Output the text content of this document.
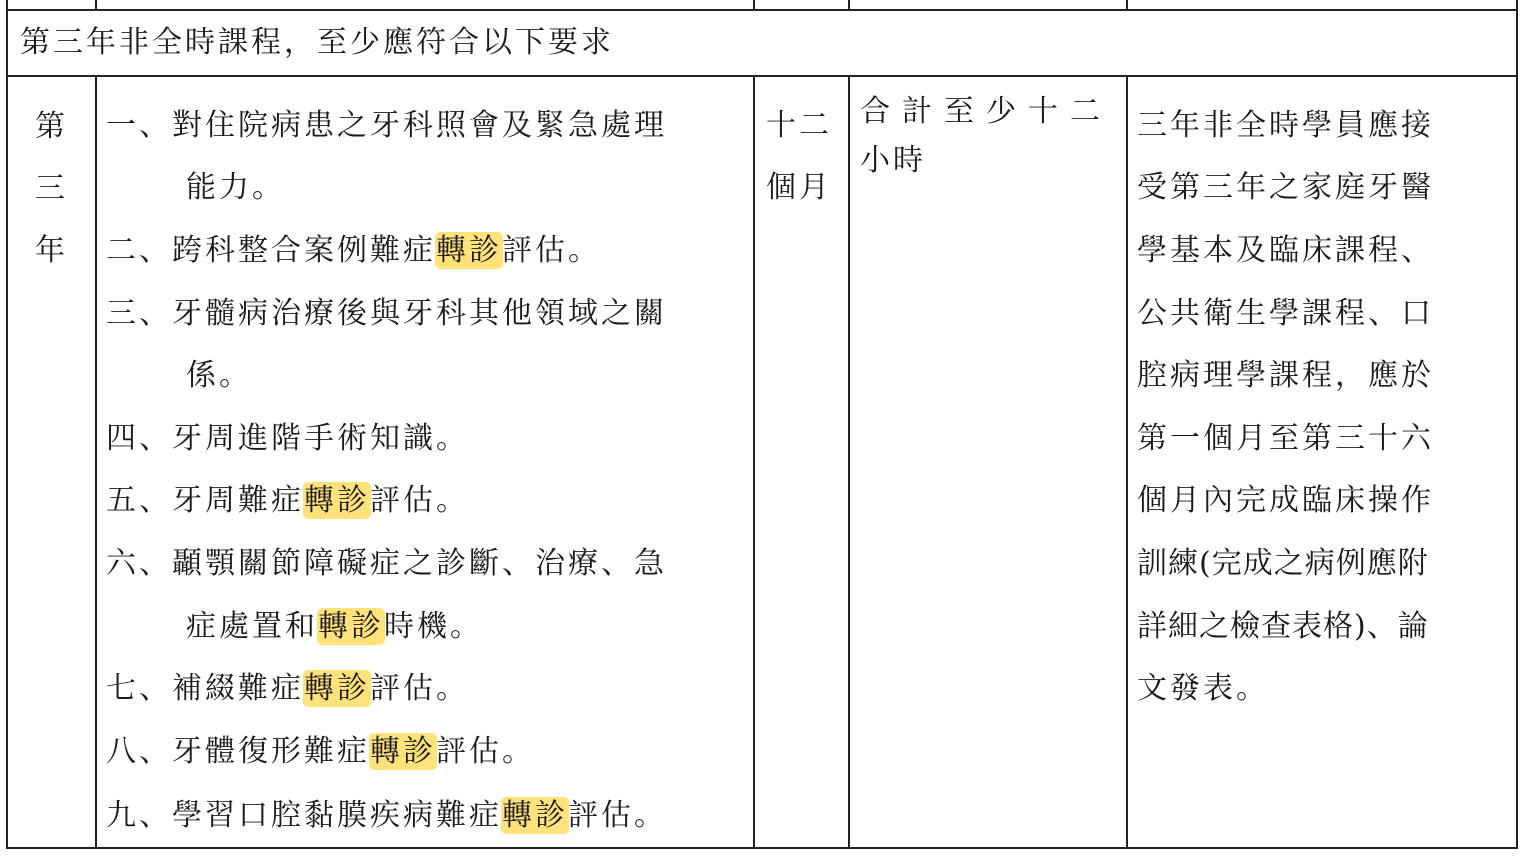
第三年非全時課程，至少應符合以下要求
第
三
年
一、對住院病患之牙科照會及緊急處理
能力。
二、跨科整合案例難症轉診評估。
三、牙髓病治療後與牙科其他領域之關
係。
四、牙周進階手術知識。
五、牙周難症轉診評估。
六、顳顎關節障礙症之診斷、治療、急
症處置和轉診時機。
七、補綴難症轉診評估。
八、牙體復形難症轉診評估。
九、學習口腔黏膜疾病難症轉診評估。
十二
個月
合計至少十二
小時
三年非全時學員應接
受第三年之家庭牙醫
學基本及臨床課程、
公共衛生學課程、口
腔病理學課程，應於
第一個月至第三十六
個月內完成臨床操作
訓練(完成之病例應附
詳細之檢查表格)、論
文發表。
